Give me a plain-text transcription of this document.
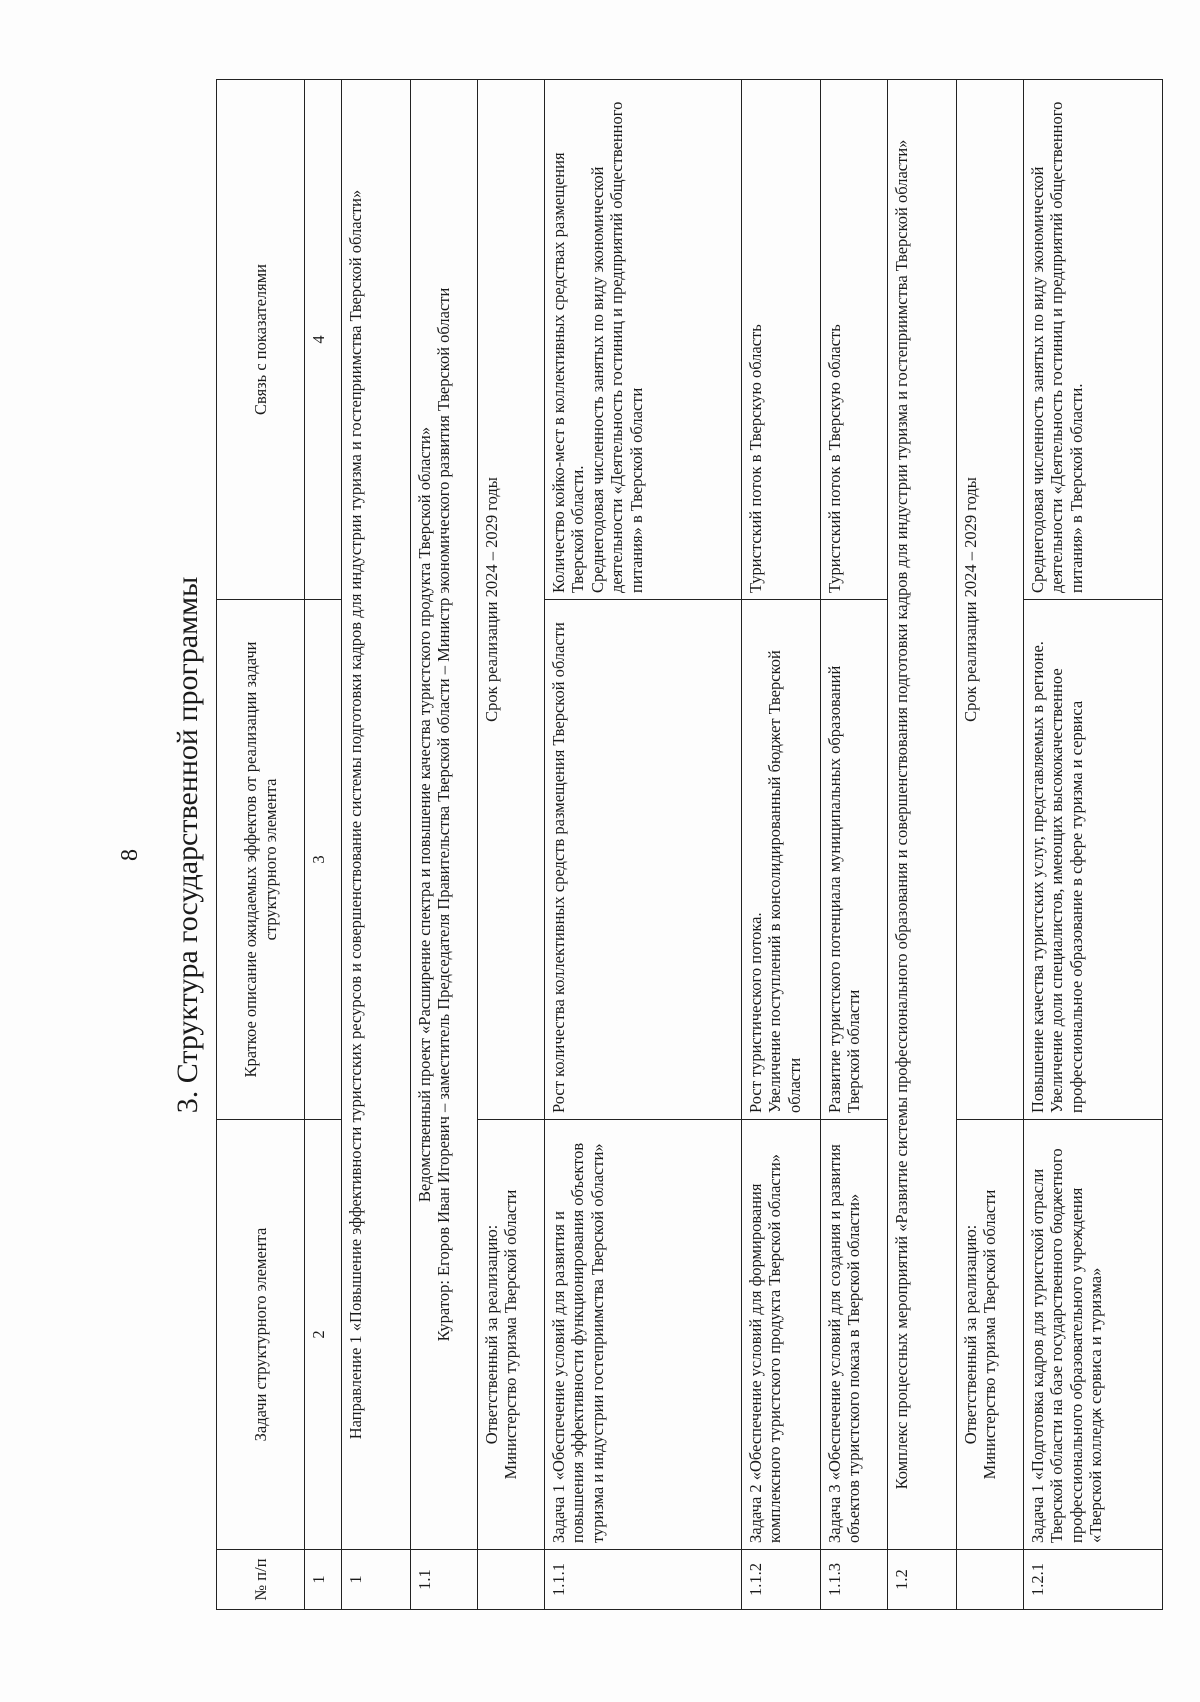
8 3. Структура государственной программы
№ п/п	Задачи структурного элемента	Краткое описание ожидаемых эффектов от реализации задачи структурного элемента	Связь с показателями
1	2	3	4
1	Направление 1 «Повышение эффективности туристских ресурсов и совершенствование системы подготовки кадров для индустрии туризма и гостеприимства Тверской области»		
1.1	Ведомственный проект «Расширение спектра и повышение качества туристского продукта Тверской области» Куратор: Егоров Иван Игоревич – заместитель Председателя Правительства Тверской области – Министр экономического развития Тверской области		

	Ответственный за реализацию: Министерство туризма Тверской области	Срок реализации 2024 – 2029 годы	
1.1.1	Задача 1 «Обеспечение условий для развития и повышения эффективности функционирования объектов туризма и индустрии гостеприимства Тверской области»	Рост количества коллективных средств размещения Тверской области	Количество койко-мест в коллективных средствах размещения Тверской области. Среднегодовая численность занятых по виду экономической деятельности «Деятельность гостиниц и предприятий общественного питания» в Тверской области

1.1.2	Задача 2 «Обеспечение условий для формирования комплексного туристского продукта Тверской области»	Рост туристического потока. Увеличение поступлений в консолидированный бюджет Тверской области	Туристский поток в Тверскую область
1.1.3	Задача 3 «Обеспечение условий для создания и развития объектов туристского показа в Тверской области»	Развитие туристского потенциала муниципальных образований Тверской области	Туристский поток в Тверскую область
1.2	Комплекс процессных мероприятий «Развитие системы профессионального образования и совершенствования подготовки кадров для индустрии туризма и гостеприимства Тверской области»		

	Ответственный за реализацию: Министерство туризма Тверской области	Срок реализации 2024 – 2029 годы	
1.2.1	Задача 1 «Подготовка кадров для туристской отрасли Тверской области на базе государственного бюджетного профессионального образовательного учреждения «Тверской колледж сервиса и туризма»	Повышение качества туристских услуг, представляемых в регионе. Увеличение доли специалистов, имеющих высококачественное профессиональное образование в сфере туризма и сервиса	Среднегодовая численность занятых по виду экономической деятельности «Деятельность гостиниц и предприятий общественного питания» в Тверской области.
